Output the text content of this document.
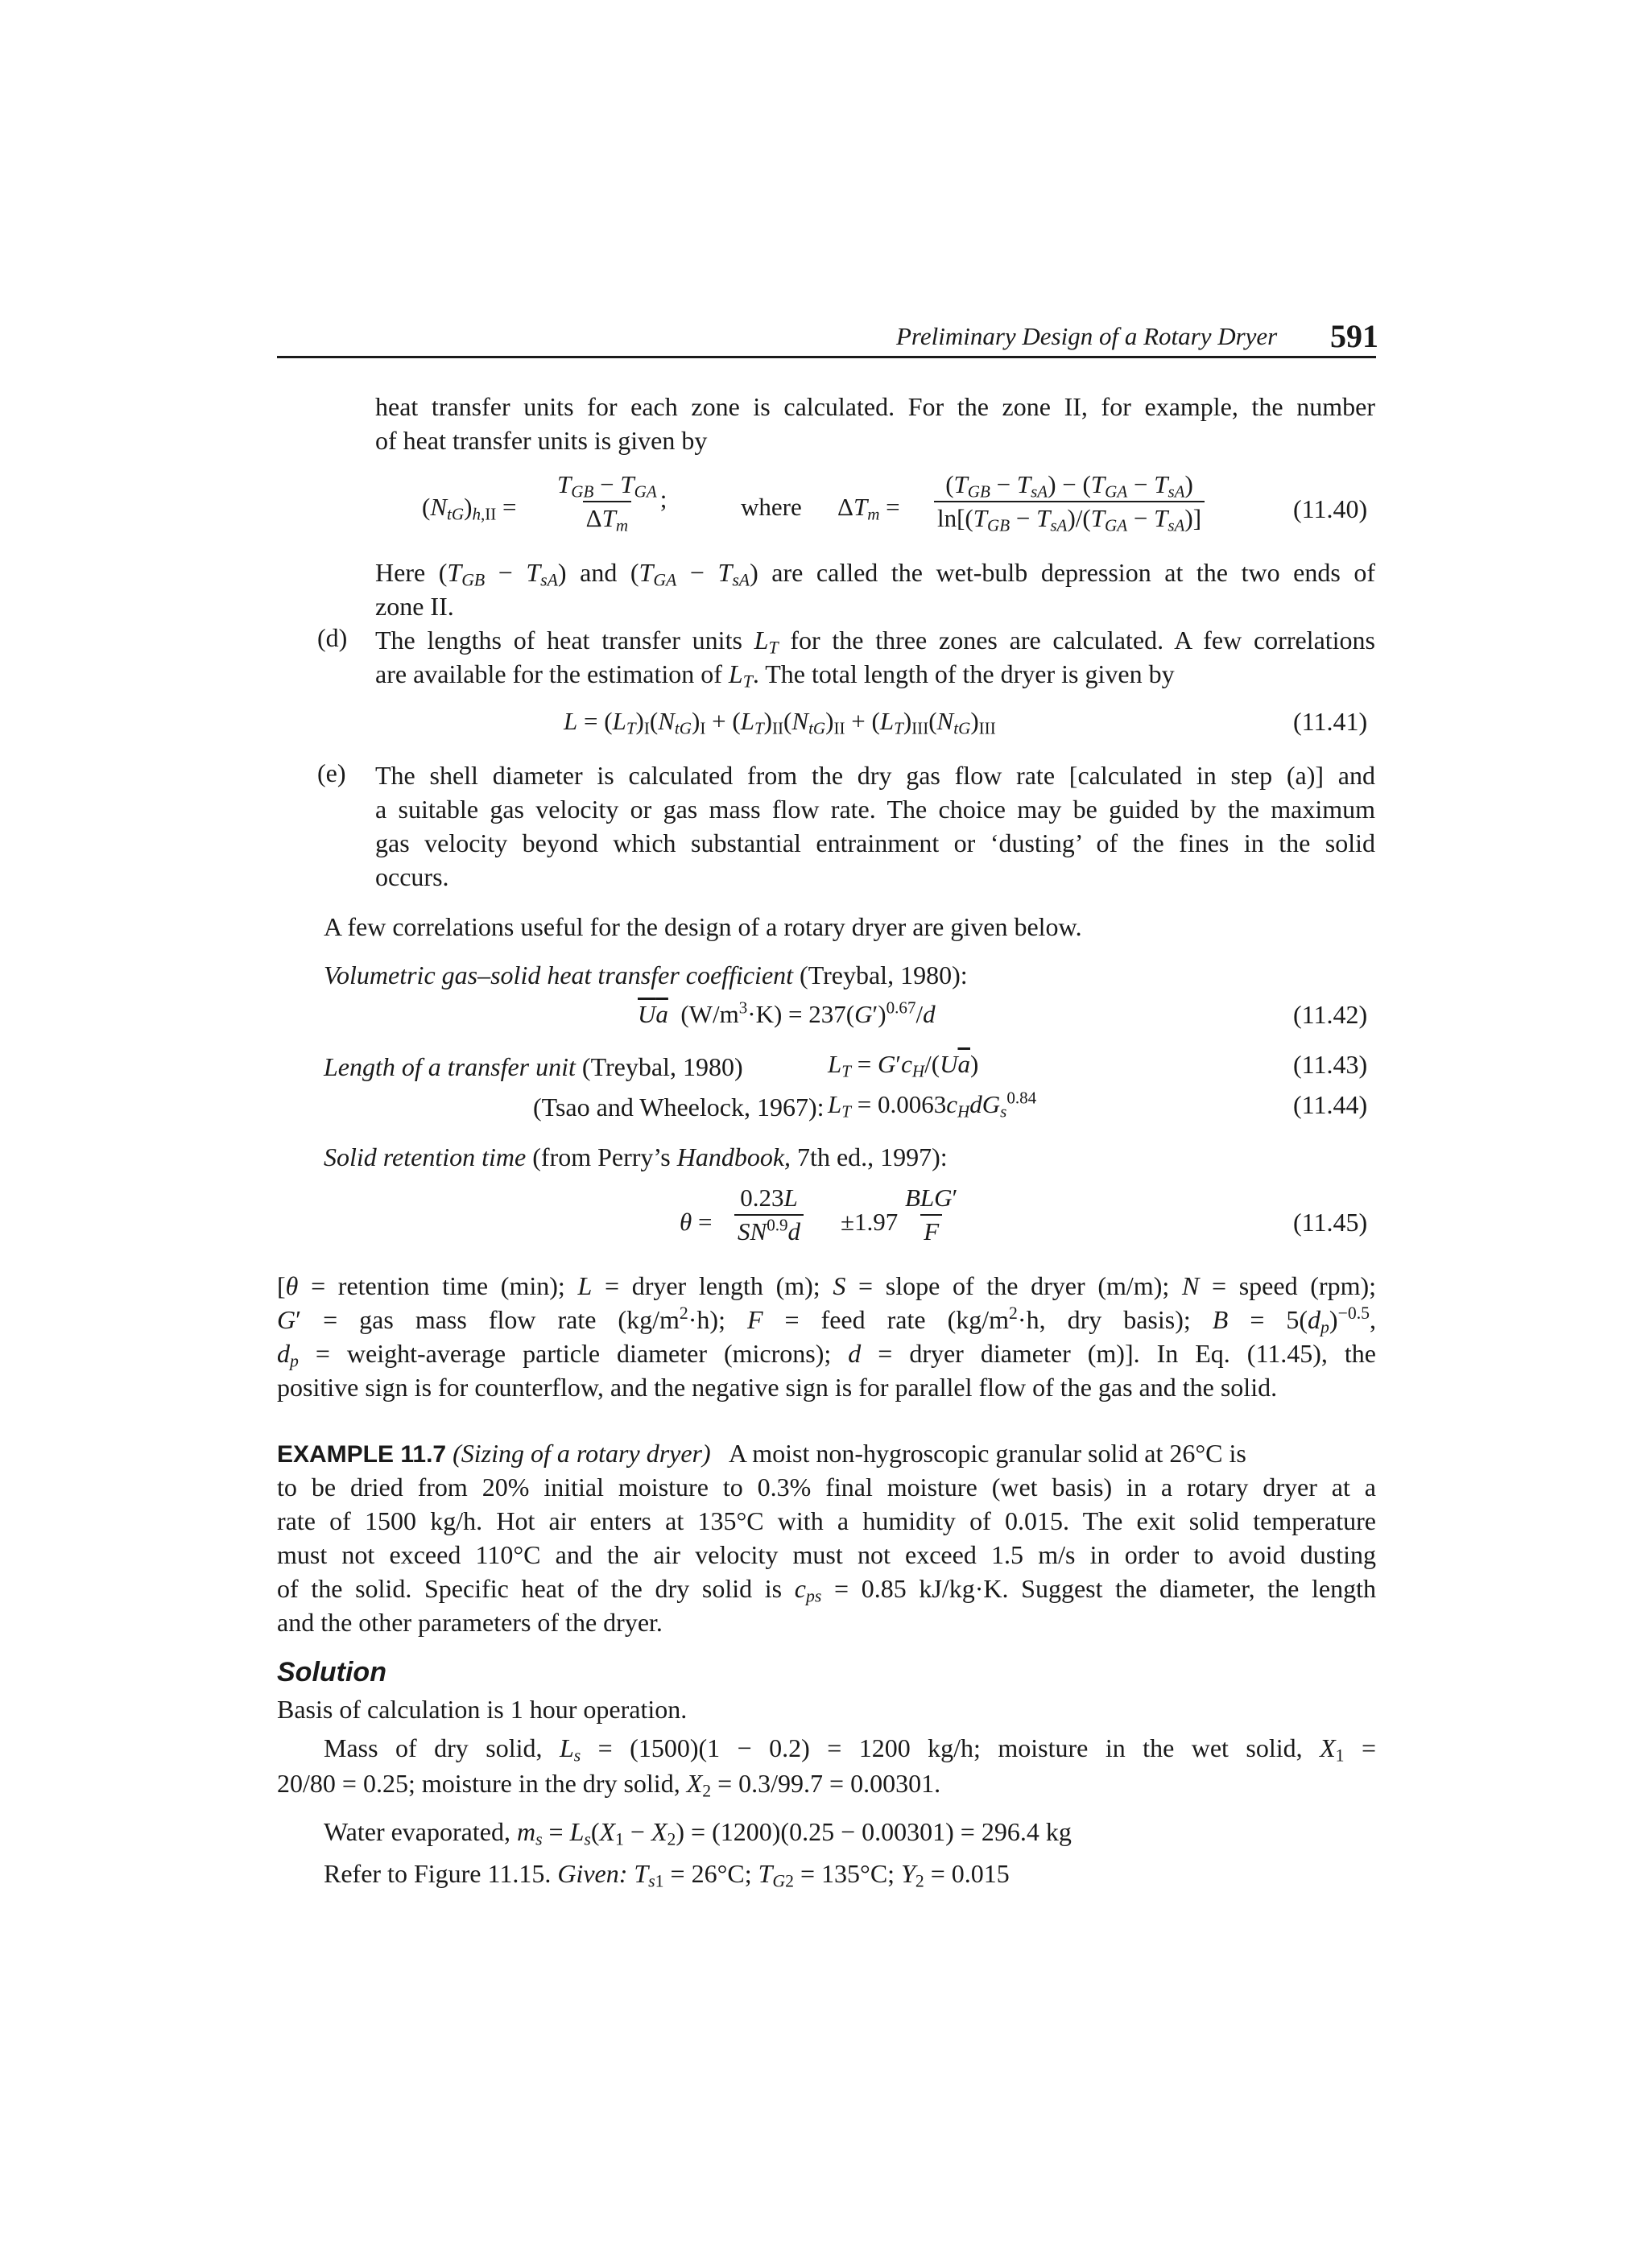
Preliminary Design of a Rotary Dryer 591
heat transfer units for each zone is calculated. For the zone II, for example, the number
of heat transfer units is given by
$(N_{tG})_{h,II} = \frac{T_{GB} - T_{GA}}{\Delta T_m}$ ;	where $\Delta T_m = \frac{(T_{GB} - T_{sA}) - (T_{GA} - T_{sA})}{\ln[(T_{GB} - T_{sA})/(T_{GA} - T_{sA})]}$	(11.40)
Here $(T_{GB} - T_{sA})$ and $(T_{GA} - T_{sA})$ are called the wet-bulb depression at the two ends of
zone II.
(d) The lengths of heat transfer units $L_T$ for the three zones are calculated. A few correlations
are available for the estimation of $L_T$. The total length of the dryer is given by
$L = (L_T)_I(N_{tG})_I + (L_T)_{II}(N_{tG})_{II} + (L_T)_{III}(N_{tG})_{III}$	(11.41)
(e) The shell diameter is calculated from the dry gas flow rate [calculated in step (a)] and
a suitable gas velocity or gas mass flow rate. The choice may be guided by the maximum
gas velocity beyond which substantial entrainment or ‘dusting’ of the fines in the solid
occurs.
A few correlations useful for the design of a rotary dryer are given below.
Volumetric gas–solid heat transfer coefficient (Treybal, 1980):
$\overline{U}\overline{a}$  $(W/m^3\cdot K) = 237(G')^{0.67}/d$	(11.42)
Length of a transfer unit (Treybal, 1980)	$L_T = G'c_H/(U\overline{a})$	(11.43)
(Tsao and Wheelock, 1967): $L_T = 0.0063c_HdG_s^{0.84}$	(11.44)
Solid retention time (from Perry’s Handbook, 7th ed., 1997):
$\theta = \frac{0.23L}{SN^{0.9}d} \pm 1.97 \frac{\text{BLG′}}{F}$	(11.45)
[θ = retention time (min); L = dryer length (m); S = slope of the dryer (m/m); N = speed (rpm);
G′ = gas mass flow rate $(kg/m^2\cdot h)$; F = feed rate ($kg/m^2\cdot h$, dry basis); $B = 5(d_p)^{-0.5}$,
$d_p$ = weight-average particle diameter (microns); d = dryer diameter (m)]. In Eq. (11.45), the
positive sign is for counterflow, and the negative sign is for parallel flow of the gas and the solid.
EXAMPLE 11.7 (Sizing of a rotary dryer) A moist non-hygroscopic granular solid at 26°C is
to be dried from 20% initial moisture to 0.3% final moisture (wet basis) in a rotary dryer at a
rate of 1500 kg/h. Hot air enters at 135°C with a humidity of 0.015. The exit solid temperature
must not exceed 110°C and the air velocity must not exceed 1.5 m/s in order to avoid dusting
of the solid. Specific heat of the dry solid is $c_{ps} = 0.85$ kJ/kg·K. Suggest the diameter, the length
and the other parameters of the dryer.
Solution
Basis of calculation is 1 hour operation.
Mass of dry solid, $L_s = (1500)(1 - 0.2) = 1200$ kg/h; moisture in the wet solid, $X_1$ =
20/80 = 0.25; moisture in the dry solid, $X_2 = 0.3/99.7 = 0.00301$.
Water evaporated, $m_s = L_s(X_1 - X_2) = (1200)(0.25 - 0.00301) = 296.4$ kg
Refer to Figure 11.15. Given: $T_{s1} = 26^\circ C$; $T_{G2} = 135^\circ C$; $Y_2 = 0.015$
